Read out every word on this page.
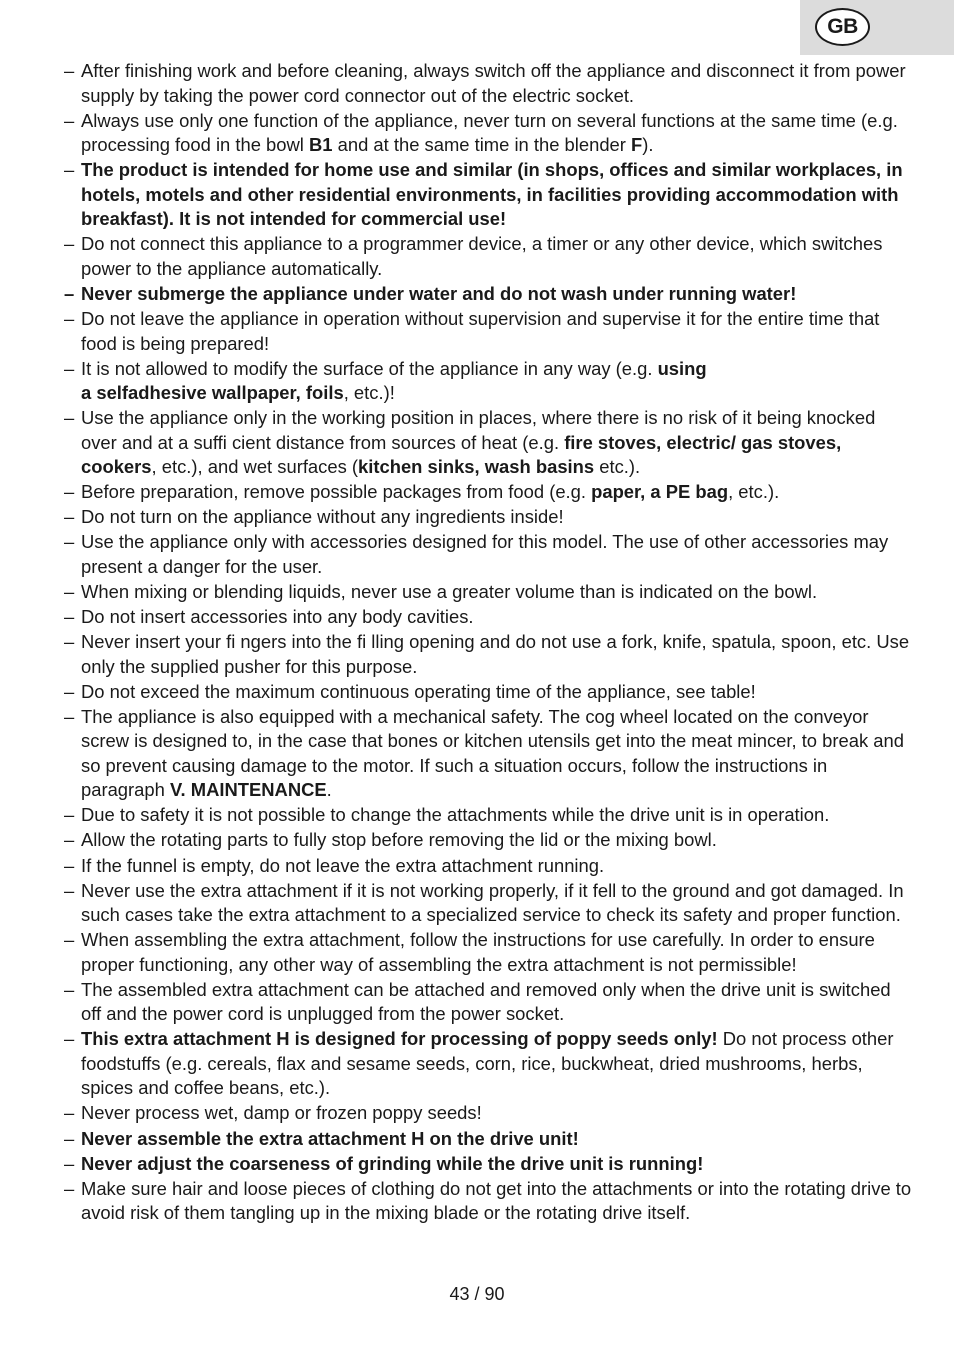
GB
– After finishing work and before cleaning, always switch off the appliance and disconnect it from power supply by taking the power cord connector out of the electric socket.
– Always use only one function of the appliance, never turn on several functions at the same time (e.g. processing food in the bowl B1 and at the same time in the blender F).
– The product is intended for home use and similar (in shops, offices and similar workplaces, in hotels, motels and other residential environments, in facilities providing accommodation with breakfast). It is not intended for commercial use!
– Do not connect this appliance to a programmer device, a timer or any other device, which switches power to the appliance automatically.
– Never submerge the appliance under water and do not wash under running water!
– Do not leave the appliance in operation without supervision and supervise it for the entire time that food is being prepared!
– It is not allowed to modify the surface of the appliance in any way (e.g. using
a selfadhesive wallpaper, foils, etc.)!
– Use the appliance only in the working position in places, where there is no risk of it being knocked over and at a suffi cient distance from sources of heat (e.g. fire stoves, electric/ gas stoves, cookers, etc.), and wet surfaces (kitchen sinks, wash basins etc.).
– Before preparation, remove possible packages from food (e.g. paper, a PE bag, etc.).
– Do not turn on the appliance without any ingredients inside!
– Use the appliance only with accessories designed for this model. The use of other accessories may present a danger for the user.
– When mixing or blending liquids, never use a greater volume than is indicated on the bowl.
– Do not insert accessories into any body cavities.
– Never insert your fi ngers into the fi lling opening and do not use a fork, knife, spatula, spoon, etc. Use only the supplied pusher for this purpose.
– Do not exceed the maximum continuous operating time of the appliance, see table!
– The appliance is also equipped with a mechanical safety. The cog wheel located on the conveyor screw is designed to, in the case that bones or kitchen utensils get into the meat mincer, to break and so prevent causing damage to the motor. If such a situation occurs, follow the instructions in paragraph V. MAINTENANCE.
– Due to safety it is not possible to change the attachments while the drive unit is in operation.
– Allow the rotating parts to fully stop before removing the lid or the mixing bowl.
– If the funnel is empty, do not leave the extra attachment running.
– Never use the extra attachment if it is not working properly, if it fell to the ground and got damaged. In such cases take the extra attachment to a specialized service to check its safety and proper function.
– When assembling the extra attachment, follow the instructions for use carefully. In order to ensure proper functioning, any other way of assembling the extra attachment is not permissible!
– The assembled extra attachment can be attached and removed only when the drive unit is switched off and the power cord is unplugged from the power socket.
– This extra attachment H is designed for processing of poppy seeds only! Do not process other foodstuffs (e.g. cereals, flax and sesame seeds, corn, rice, buckwheat, dried mushrooms, herbs, spices and coffee beans, etc.).
– Never process wet, damp or frozen poppy seeds!
– Never assemble the extra attachment H on the drive unit!
– Never adjust the coarseness of grinding while the drive unit is running!
– Make sure hair and loose pieces of clothing do not get into the attachments or into the rotating drive to avoid risk of them tangling up in the mixing blade or the rotating drive itself.
43 / 90
